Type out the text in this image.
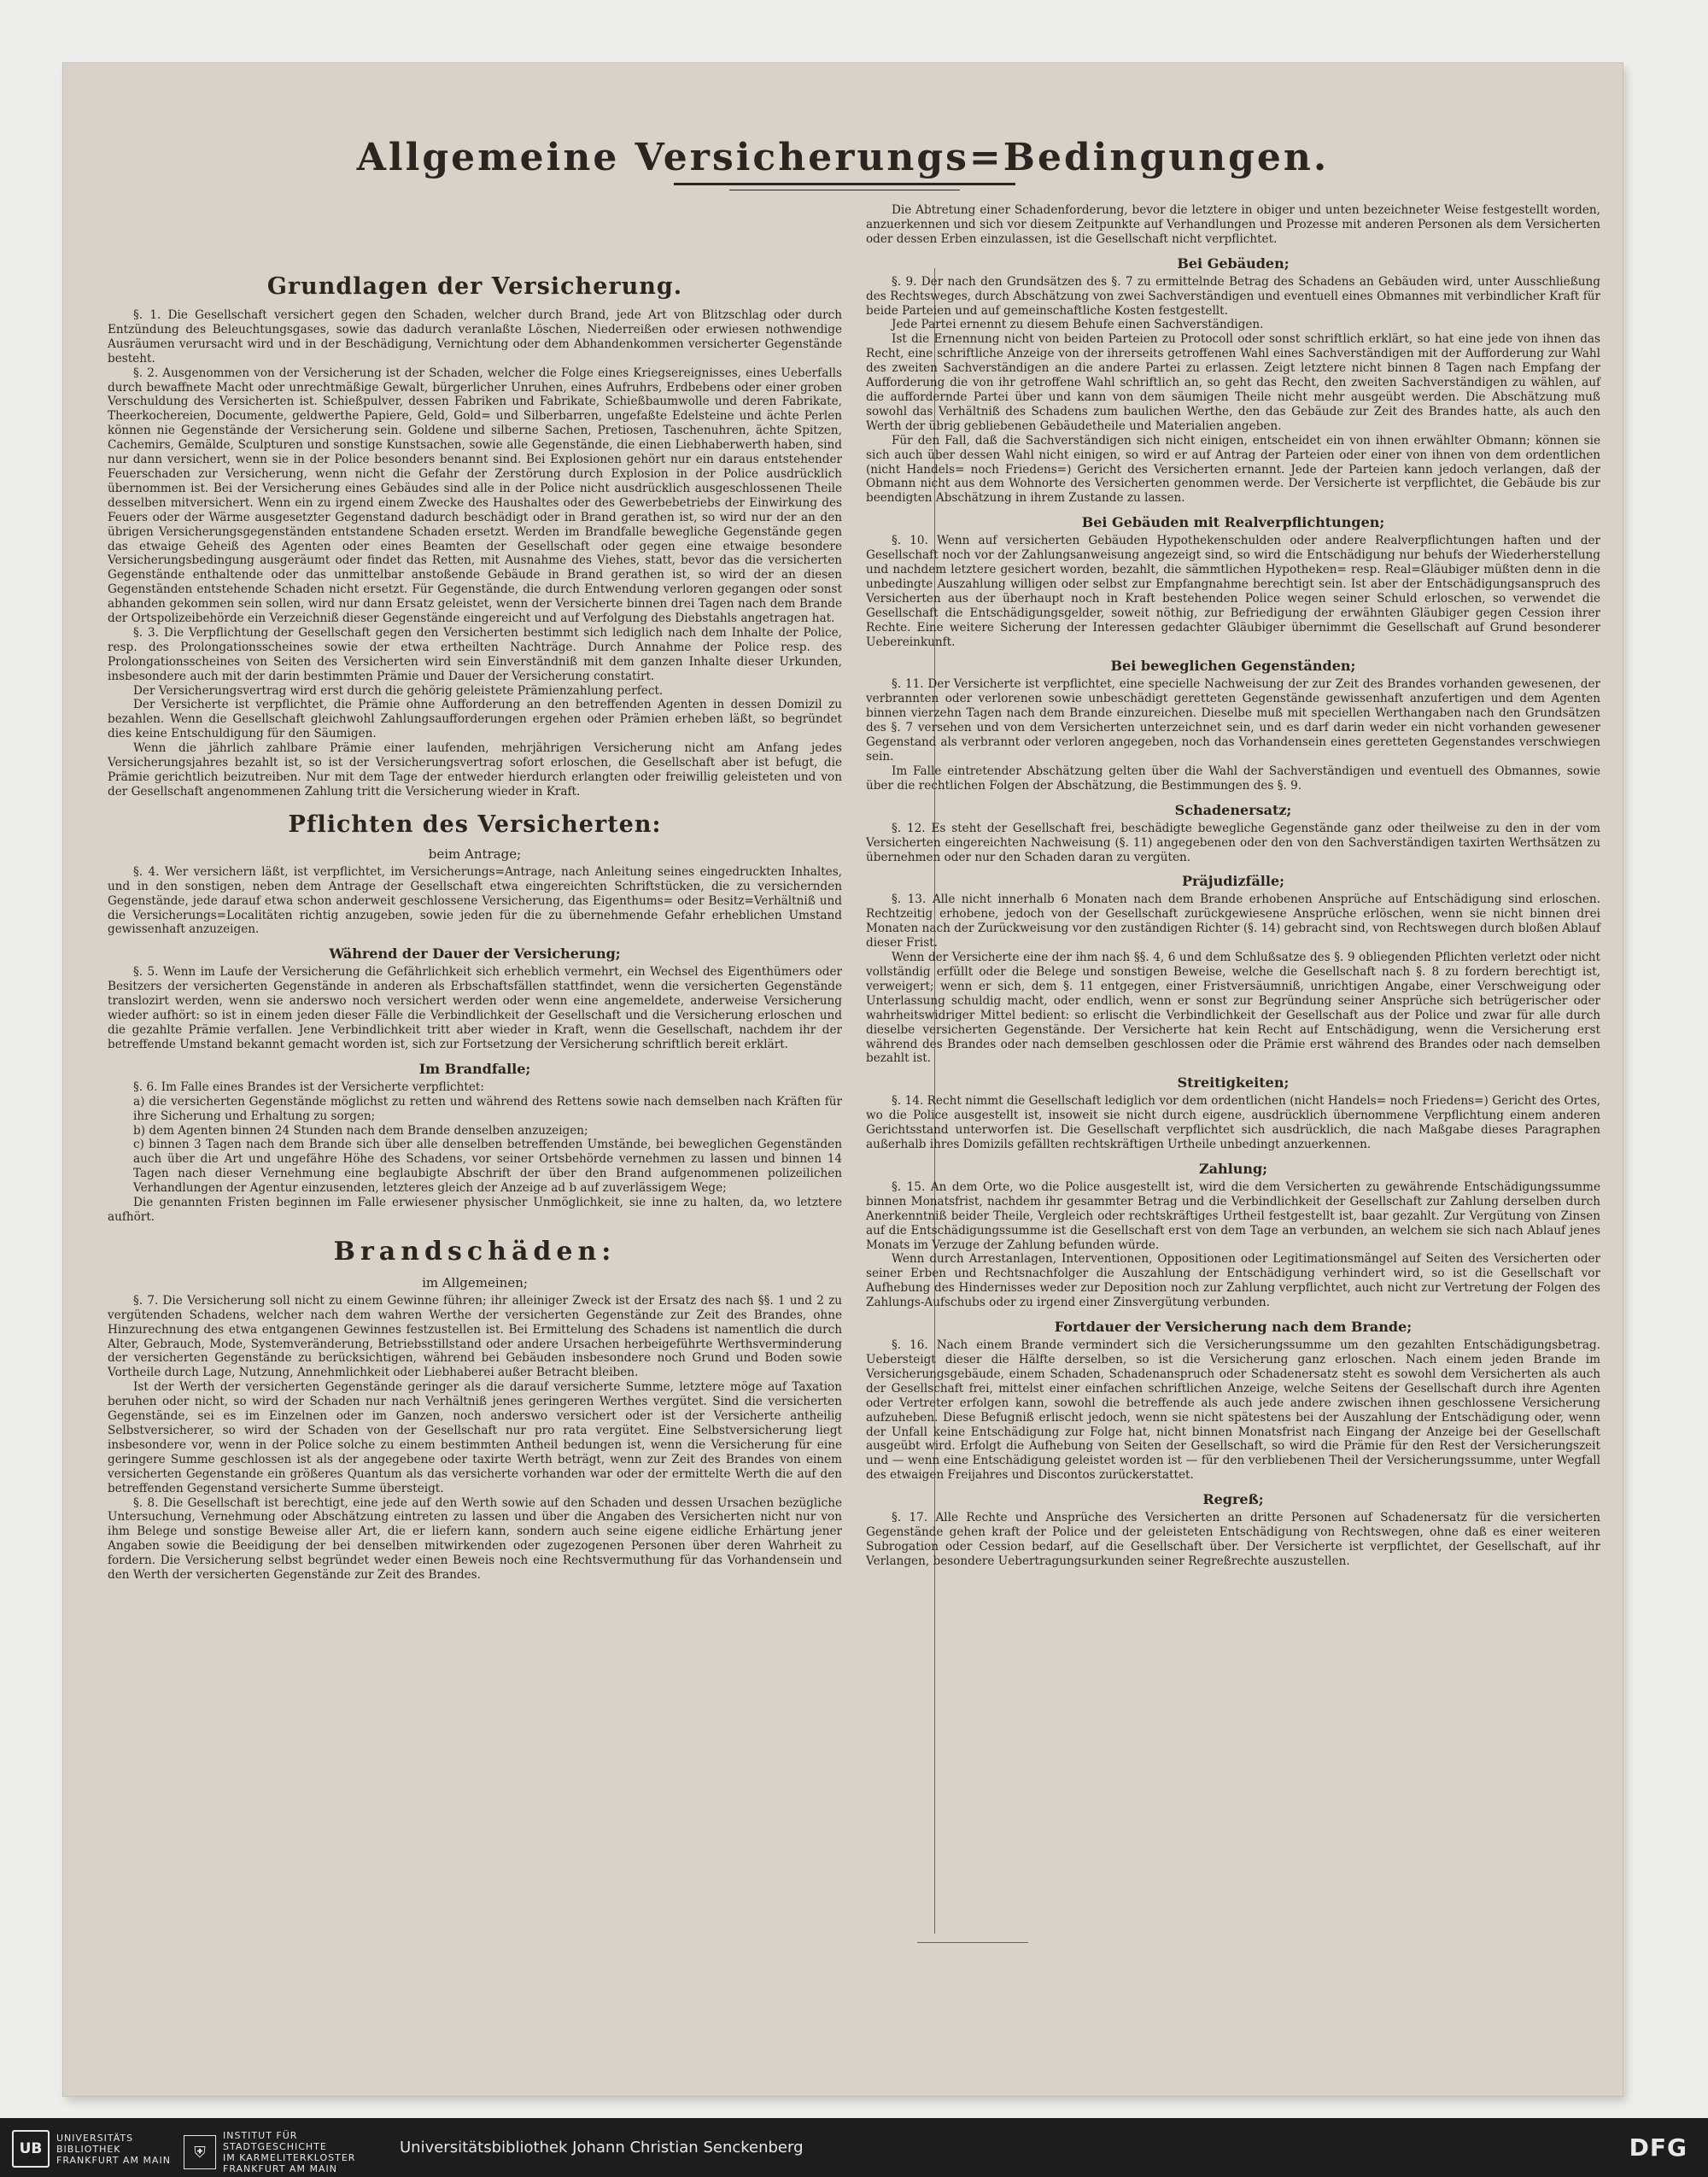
Allgemeine Versicherungs=Bedingungen.
Grundlagen der Versicherung.

§. 1. Die Gesellschaft versichert gegen den Schaden, welcher durch Brand, jede Art von Blitzschlag oder durch Entzündung des Beleuchtungsgases, sowie das dadurch veranlaßte Löschen, Niederreißen oder erwiesen nothwendige Ausräumen verursacht wird und in der Beschädigung, Vernichtung oder dem Abhandenkommen versicherter Gegenstände besteht.

§. 2. Ausgenommen von der Versicherung ist der Schaden, welcher die Folge eines Kriegsereignisses, eines Ueberfalls durch bewaffnete Macht oder unrechtmäßige Gewalt, bürgerlicher Unruhen, eines Aufruhrs, Erdbebens oder einer groben Verschuldung des Versicherten ist. Schießpulver, dessen Fabriken und Fabrikate, Schießbaumwolle und deren Fabrikate, Theerkochereien, Documente, geldwerthe Papiere, Geld, Gold= und Silberbarren, ungefaßte Edelsteine und ächte Perlen können nie Gegenstände der Versicherung sein. Goldene und silberne Sachen, Pretiosen, Taschenuhren, ächte Spitzen, Cachemirs, Gemälde, Sculpturen und sonstige Kunstsachen, sowie alle Gegenstände, die einen Liebhaberwerth haben, sind nur dann versichert, wenn sie in der Police besonders benannt sind. Bei Explosionen gehört nur ein daraus entstehender Feuerschaden zur Versicherung, wenn nicht die Gefahr der Zerstörung durch Explosion in der Police ausdrücklich übernommen ist. Bei der Versicherung eines Gebäudes sind alle in der Police nicht ausdrücklich ausgeschlossenen Theile desselben mitversichert. Wenn ein zu irgend einem Zwecke des Haushaltes oder des Gewerbebetriebs der Einwirkung des Feuers oder der Wärme ausgesetzter Gegenstand dadurch beschädigt oder in Brand gerathen ist, so wird nur der an den übrigen Versicherungsgegenständen entstandene Schaden ersetzt. Werden im Brandfalle bewegliche Gegenstände gegen das etwaige Geheiß des Agenten oder eines Beamten der Gesellschaft oder gegen eine etwaige besondere Versicherungsbedingung ausgeräumt oder findet das Retten, mit Ausnahme des Viehes, statt, bevor das die versicherten Gegenstände enthaltende oder das unmittelbar anstoßende Gebäude in Brand gerathen ist, so wird der an diesen Gegenständen entstehende Schaden nicht ersetzt. Für Gegenstände, die durch Entwendung verloren gegangen oder sonst abhanden gekommen sein sollen, wird nur dann Ersatz geleistet, wenn der Versicherte binnen drei Tagen nach dem Brande der Ortspolizeibehörde ein Verzeichniß dieser Gegenstände eingereicht und auf Verfolgung des Diebstahls angetragen hat.

§. 3. Die Verpflichtung der Gesellschaft gegen den Versicherten bestimmt sich lediglich nach dem Inhalte der Police, resp. des Prolongationsscheines sowie der etwa ertheilten Nachträge. Durch Annahme der Police resp. des Prolongationsscheines von Seiten des Versicherten wird sein Einverständniß mit dem ganzen Inhalte dieser Urkunden, insbesondere auch mit der darin bestimmten Prämie und Dauer der Versicherung constatirt.

Der Versicherungsvertrag wird erst durch die gehörig geleistete Prämienzahlung perfect.

Der Versicherte ist verpflichtet, die Prämie ohne Aufforderung an den betreffenden Agenten in dessen Domizil zu bezahlen. Wenn die Gesellschaft gleichwohl Zahlungsaufforderungen ergehen oder Prämien erheben läßt, so begründet dies keine Entschuldigung für den Säumigen.

Wenn die jährlich zahlbare Prämie einer laufenden, mehrjährigen Versicherung nicht am Anfang jedes Versicherungsjahres bezahlt ist, so ist der Versicherungsvertrag sofort erloschen, die Gesellschaft aber ist befugt, die Prämie gerichtlich beizutreiben. Nur mit dem Tage der entweder hierdurch erlangten oder freiwillig geleisteten und von der Gesellschaft angenommenen Zahlung tritt die Versicherung wieder in Kraft.

Pflichten des Versicherten:
beim Antrage;

§. 4. Wer versichern läßt, ist verpflichtet, im Versicherungs=Antrage, nach Anleitung seines eingedruckten Inhaltes, und in den sonstigen, neben dem Antrage der Gesellschaft etwa eingereichten Schriftstücken, die zu versichernden Gegenstände, jede darauf etwa schon anderweit geschlossene Versicherung, das Eigenthums= oder Besitz=Verhältniß und die Versicherungs=Localitäten richtig anzugeben, sowie jeden für die zu übernehmende Gefahr erheblichen Umstand gewissenhaft anzuzeigen.

Während der Dauer der Versicherung;

§. 5. Wenn im Laufe der Versicherung die Gefährlichkeit sich erheblich vermehrt, ein Wechsel des Eigenthümers oder Besitzers der versicherten Gegenstände in anderen als Erbschaftsfällen stattfindet, wenn die versicherten Gegenstände translozirt werden, wenn sie anderswo noch versichert werden oder wenn eine angemeldete, anderweise Versicherung wieder aufhört: so ist in einem jeden dieser Fälle die Verbindlichkeit der Gesellschaft und die Versicherung erloschen und die gezahlte Prämie verfallen. Jene Verbindlichkeit tritt aber wieder in Kraft, wenn die Gesellschaft, nachdem ihr der betreffende Umstand bekannt gemacht worden ist, sich zur Fortsetzung der Versicherung schriftlich bereit erklärt.

Im Brandfalle;

§. 6. Im Falle eines Brandes ist der Versicherte verpflichtet:

a) die versicherten Gegenstände möglichst zu retten und während des Rettens sowie nach demselben nach Kräften für ihre Sicherung und Erhaltung zu sorgen;
b) dem Agenten binnen 24 Stunden nach dem Brande denselben anzuzeigen;
c) binnen 3 Tagen nach dem Brande sich über alle denselben betreffenden Umstände, bei beweglichen Gegenständen auch über die Art und ungefähre Höhe des Schadens, vor seiner Ortsbehörde vernehmen zu lassen und binnen 14 Tagen nach dieser Vernehmung eine beglaubigte Abschrift der über den Brand aufgenommenen polizeilichen Verhandlungen der Agentur einzusenden, letzteres gleich der Anzeige ad b auf zuverlässigem Wege;

Die genannten Fristen beginnen im Falle erwiesener physischer Unmöglichkeit, sie inne zu halten, da, wo letztere aufhört.

Brandschäden:
im Allgemeinen;

§. 7. Die Versicherung soll nicht zu einem Gewinne führen; ihr alleiniger Zweck ist der Ersatz des nach §§. 1 und 2 zu vergütenden Schadens, welcher nach dem wahren Werthe der versicherten Gegenstände zur Zeit des Brandes, ohne Hinzurechnung des etwa entgangenen Gewinnes festzustellen ist. Bei Ermittelung des Schadens ist namentlich die durch Alter, Gebrauch, Mode, Systemveränderung, Betriebsstillstand oder andere Ursachen herbeigeführte Werthsverminderung der versicherten Gegenstände zu berücksichtigen, während bei Gebäuden insbesondere noch Grund und Boden sowie Vortheile durch Lage, Nutzung, Annehmlichkeit oder Liebhaberei außer Betracht bleiben.

Ist der Werth der versicherten Gegenstände geringer als die darauf versicherte Summe, letztere möge auf Taxation beruhen oder nicht, so wird der Schaden nur nach Verhältniß jenes geringeren Werthes vergütet. Sind die versicherten Gegenstände, sei es im Einzelnen oder im Ganzen, noch anderswo versichert oder ist der Versicherte antheilig Selbstversicherer, so wird der Schaden von der Gesellschaft nur pro rata vergütet. Eine Selbstversicherung liegt insbesondere vor, wenn in der Police solche zu einem bestimmten Antheil bedungen ist, wenn die Versicherung für eine geringere Summe geschlossen ist als der angegebene oder taxirte Werth beträgt, wenn zur Zeit des Brandes von einem versicherten Gegenstande ein größeres Quantum als das versicherte vorhanden war oder der ermittelte Werth die auf den betreffenden Gegenstand versicherte Summe übersteigt.

§. 8. Die Gesellschaft ist berechtigt, eine jede auf den Werth sowie auf den Schaden und dessen Ursachen bezügliche Untersuchung, Vernehmung oder Abschätzung eintreten zu lassen und über die Angaben des Versicherten nicht nur von ihm Belege und sonstige Beweise aller Art, die er liefern kann, sondern auch seine eigene eidliche Erhärtung jener Angaben sowie die Beeidigung der bei denselben mitwirkenden oder zugezogenen Personen über deren Wahrheit zu fordern. Die Versicherung selbst begründet weder einen Beweis noch eine Rechtsvermuthung für das Vorhandensein und den Werth der versicherten Gegenstände zur Zeit des Brandes.

Die Abtretung einer Schadenforderung, bevor die letztere in obiger und unten bezeichneter Weise festgestellt worden, anzuerkennen und sich vor diesem Zeitpunkte auf Verhandlungen und Prozesse mit anderen Personen als dem Versicherten oder dessen Erben einzulassen, ist die Gesellschaft nicht verpflichtet.

Bei Gebäuden;

§. 9. Der nach den Grundsätzen des §. 7 zu ermittelnde Betrag des Schadens an Gebäuden wird, unter Ausschließung des Rechtsweges, durch Abschätzung von zwei Sachverständigen und eventuell eines Obmannes mit verbindlicher Kraft für beide Parteien und auf gemeinschaftliche Kosten festgestellt.

Jede Partei ernennt zu diesem Behufe einen Sachverständigen.

Ist die Ernennung nicht von beiden Parteien zu Protocoll oder sonst schriftlich erklärt, so hat eine jede von ihnen das Recht, eine schriftliche Anzeige von der ihrerseits getroffenen Wahl eines Sachverständigen mit der Aufforderung zur Wahl des zweiten Sachverständigen an die andere Partei zu erlassen. Zeigt letztere nicht binnen 8 Tagen nach Empfang der Aufforderung die von ihr getroffene Wahl schriftlich an, so geht das Recht, den zweiten Sachverständigen zu wählen, auf die auffordernde Partei über und kann von dem säumigen Theile nicht mehr ausgeübt werden. Die Abschätzung muß sowohl das Verhältniß des Schadens zum baulichen Werthe, den das Gebäude zur Zeit des Brandes hatte, als auch den Werth der übrig gebliebenen Gebäudetheile und Materialien angeben.

Für den Fall, daß die Sachverständigen sich nicht einigen, entscheidet ein von ihnen erwählter Obmann; können sie sich auch über dessen Wahl nicht einigen, so wird er auf Antrag der Parteien oder einer von ihnen von dem ordentlichen (nicht Handels= noch Friedens=) Gericht des Versicherten ernannt. Jede der Parteien kann jedoch verlangen, daß der Obmann nicht aus dem Wohnorte des Versicherten genommen werde. Der Versicherte ist verpflichtet, die Gebäude bis zur beendigten Abschätzung in ihrem Zustande zu lassen.

Bei Gebäuden mit Realverpflichtungen;

§. 10. Wenn auf versicherten Gebäuden Hypothekenschulden oder andere Realverpflichtungen haften und der Gesellschaft noch vor der Zahlungsanweisung angezeigt sind, so wird die Entschädigung nur behufs der Wiederherstellung und nachdem letztere gesichert worden, bezahlt, die sämmtlichen Hypotheken= resp. Real=Gläubiger müßten denn in die unbedingte Auszahlung willigen oder selbst zur Empfangnahme berechtigt sein. Ist aber der Entschädigungsanspruch des Versicherten aus der überhaupt noch in Kraft bestehenden Police wegen seiner Schuld erloschen, so verwendet die Gesellschaft die Entschädigungsgelder, soweit nöthig, zur Befriedigung der erwähnten Gläubiger gegen Cession ihrer Rechte. Eine weitere Sicherung der Interessen gedachter Gläubiger übernimmt die Gesellschaft auf Grund besonderer Uebereinkunft.

Bei beweglichen Gegenständen;

§. 11. Der Versicherte ist verpflichtet, eine specielle Nachweisung der zur Zeit des Brandes vorhanden gewesenen, der verbrannten oder verlorenen sowie unbeschädigt geretteten Gegenstände gewissenhaft anzufertigen und dem Agenten binnen vierzehn Tagen nach dem Brande einzureichen. Dieselbe muß mit speciellen Werthangaben nach den Grundsätzen des §. 7 versehen und von dem Versicherten unterzeichnet sein, und es darf darin weder ein nicht vorhanden gewesener Gegenstand als verbrannt oder verloren angegeben, noch das Vorhandensein eines geretteten Gegenstandes verschwiegen sein.

Im Falle eintretender Abschätzung gelten über die Wahl der Sachverständigen und eventuell des Obmannes, sowie über die rechtlichen Folgen der Abschätzung, die Bestimmungen des §. 9.

Schadenersatz;

§. 12. Es steht der Gesellschaft frei, beschädigte bewegliche Gegenstände ganz oder theilweise zu den in der vom Versicherten eingereichten Nachweisung (§. 11) angegebenen oder den von den Sachverständigen taxirten Werthsätzen zu übernehmen oder nur den Schaden daran zu vergüten.

Präjudizfälle;

§. 13. Alle nicht innerhalb 6 Monaten nach dem Brande erhobenen Ansprüche auf Entschädigung sind erloschen. Rechtzeitig erhobene, jedoch von der Gesellschaft zurückgewiesene Ansprüche erlöschen, wenn sie nicht binnen drei Monaten nach der Zurückweisung vor den zuständigen Richter (§. 14) gebracht sind, von Rechtswegen durch bloßen Ablauf dieser Frist.

Wenn der Versicherte eine der ihm nach §§. 4, 6 und dem Schlußsatze des §. 9 obliegenden Pflichten verletzt oder nicht vollständig erfüllt oder die Belege und sonstigen Beweise, welche die Gesellschaft nach §. 8 zu fordern berechtigt ist, verweigert; wenn er sich, dem §. 11 entgegen, einer Fristversäumniß, unrichtigen Angabe, einer Verschweigung oder Unterlassung schuldig macht, oder endlich, wenn er sonst zur Begründung seiner Ansprüche sich betrügerischer oder wahrheitswidriger Mittel bedient: so erlischt die Verbindlichkeit der Gesellschaft aus der Police und zwar für alle durch dieselbe versicherten Gegenstände. Der Versicherte hat kein Recht auf Entschädigung, wenn die Versicherung erst während des Brandes oder nach demselben geschlossen oder die Prämie erst während des Brandes oder nach demselben bezahlt ist.

Streitigkeiten;

§. 14. Recht nimmt die Gesellschaft lediglich vor dem ordentlichen (nicht Handels= noch Friedens=) Gericht des Ortes, wo die Police ausgestellt ist, insoweit sie nicht durch eigene, ausdrücklich übernommene Verpflichtung einem anderen Gerichtsstand unterworfen ist. Die Gesellschaft verpflichtet sich ausdrücklich, die nach Maßgabe dieses Paragraphen außerhalb ihres Domizils gefällten rechtskräftigen Urtheile unbedingt anzuerkennen.

Zahlung;

§. 15. An dem Orte, wo die Police ausgestellt ist, wird die dem Versicherten zu gewährende Entschädigungssumme binnen Monatsfrist, nachdem ihr gesammter Betrag und die Verbindlichkeit der Gesellschaft zur Zahlung derselben durch Anerkenntniß beider Theile, Vergleich oder rechtskräftiges Urtheil festgestellt ist, baar gezahlt. Zur Vergütung von Zinsen auf die Entschädigungssumme ist die Gesellschaft erst von dem Tage an verbunden, an welchem sie sich nach Ablauf jenes Monats im Verzuge der Zahlung befunden würde.

Wenn durch Arrestanlagen, Interventionen, Oppositionen oder Legitimationsmängel auf Seiten des Versicherten oder seiner Erben und Rechtsnachfolger die Auszahlung der Entschädigung verhindert wird, so ist die Gesellschaft vor Aufhebung des Hindernisses weder zur Deposition noch zur Zahlung verpflichtet, auch nicht zur Vertretung der Folgen des Zahlungs-Aufschubs oder zu irgend einer Zinsvergütung verbunden.

Fortdauer der Versicherung nach dem Brande;

§. 16. Nach einem Brande vermindert sich die Versicherungssumme um den gezahlten Entschädigungsbetrag. Uebersteigt dieser die Hälfte derselben, so ist die Versicherung ganz erloschen. Nach einem jeden Brande im Versicherungsgebäude, einem Schaden, Schadenanspruch oder Schadenersatz steht es sowohl dem Versicherten als auch der Gesellschaft frei, mittelst einer einfachen schriftlichen Anzeige, welche Seitens der Gesellschaft durch ihre Agenten oder Vertreter erfolgen kann, sowohl die betreffende als auch jede andere zwischen ihnen geschlossene Versicherung aufzuheben. Diese Befugniß erlischt jedoch, wenn sie nicht spätestens bei der Auszahlung der Entschädigung oder, wenn der Unfall keine Entschädigung zur Folge hat, nicht binnen Monatsfrist nach Eingang der Anzeige bei der Gesellschaft ausgeübt wird. Erfolgt die Aufhebung von Seiten der Gesellschaft, so wird die Prämie für den Rest der Versicherungszeit und — wenn eine Entschädigung geleistet worden ist — für den verbliebenen Theil der Versicherungssumme, unter Wegfall des etwaigen Freijahres und Discontos zurückerstattet.

Regreß;

§. 17. Alle Rechte und Ansprüche des Versicherten an dritte Personen auf Schadenersatz für die versicherten Gegenstände gehen kraft der Police und der geleisteten Entschädigung von Rechtswegen, ohne daß es einer weiteren Subrogation oder Cession bedarf, auf die Gesellschaft über. Der Versicherte ist verpflichtet, der Gesellschaft, auf ihr Verlangen, besondere Uebertragungsurkunden seiner Regreßrechte auszustellen.

UB
UNIVERSITÄTS
BIBLIOTHEK
FRANKFURT AM MAIN	⛨
INSTITUT FÜR
STADTGESCHICHTE
IM KARMELITERKLOSTER
FRANKFURT AM MAIN
Universitätsbibliothek Johann Christian Senckenberg	DFG
